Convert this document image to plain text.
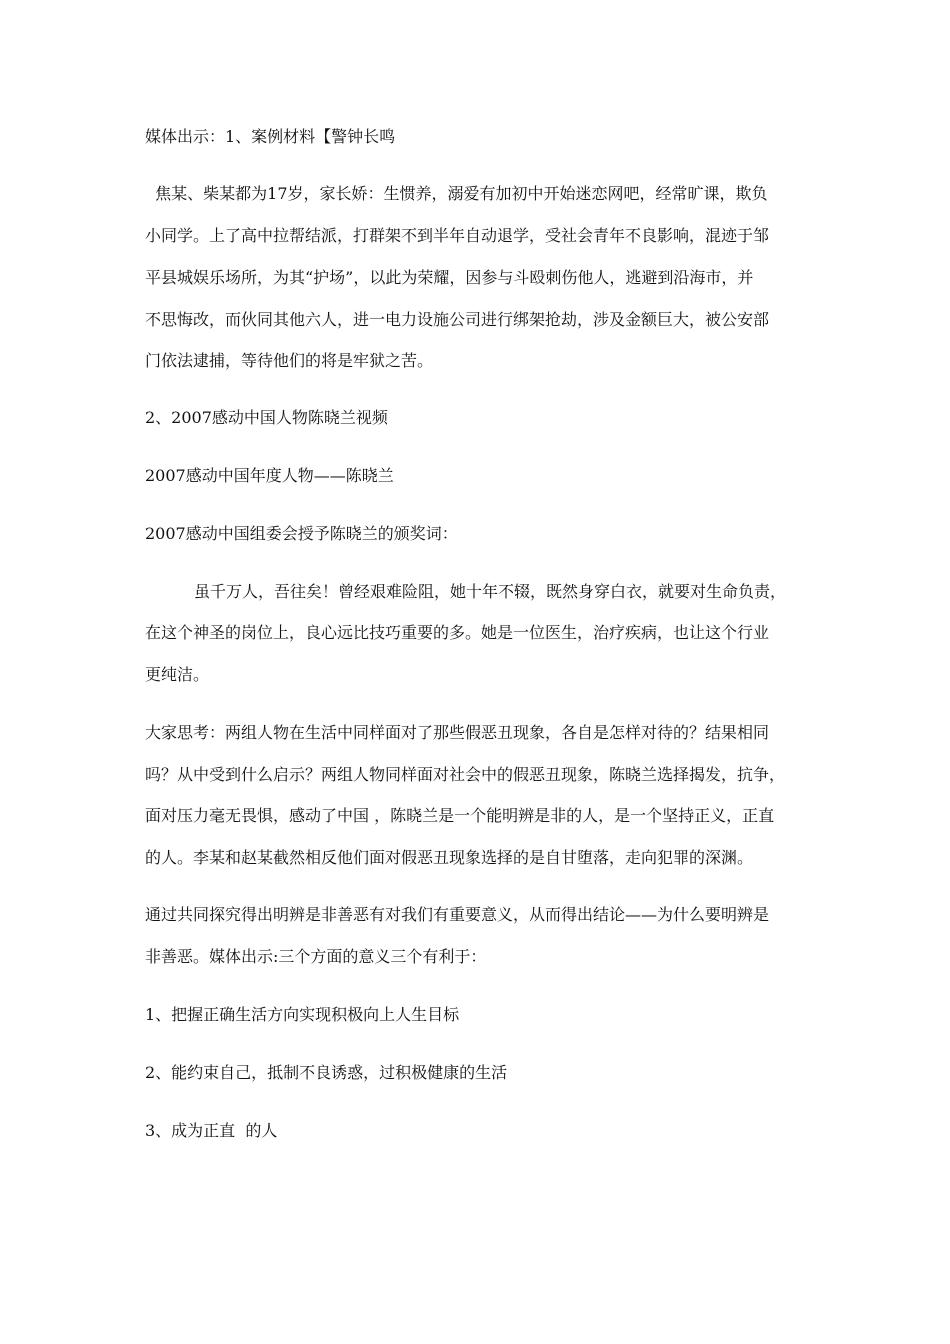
媒体出示：1、案例材料【警钟长鸣
焦某、柴某都为17岁，家长娇：生惯养，溺爱有加初中开始迷恋网吧，经常旷课，欺负
小同学。上了高中拉帮结派，打群架不到半年自动退学，受社会青年不良影响，混迹于邹
平县城娱乐场所，为其“护场”，以此为荣耀，因参与斗殴刺伤他人，逃避到沿海市，并
不思悔改，而伙同其他六人，进一电力设施公司进行绑架抢劫，涉及金额巨大，被公安部
门依法逮捕，等待他们的将是牢狱之苦。
2、2007感动中国人物陈晓兰视频
2007感动中国年度人物——陈晓兰
2007感动中国组委会授予陈晓兰的颁奖词：
虽千万人，吾往矣！曾经艰难险阻，她十年不辍，既然身穿白衣，就要对生命负责，
在这个神圣的岗位上，良心远比技巧重要的多。她是一位医生，治疗疾病，也让这个行业
更纯洁。
大家思考：两组人物在生活中同样面对了那些假恶丑现象，各自是怎样对待的？结果相同
吗？从中受到什么启示？两组人物同样面对社会中的假恶丑现象，陈晓兰选择揭发，抗争，
面对压力毫无畏惧，感动了中国 ，陈晓兰是一个能明辨是非的人，是一个坚持正义，正直
的人。李某和赵某截然相反他们面对假恶丑现象选择的是自甘堕落，走向犯罪的深渊。
通过共同探究得出明辨是非善恶有对我们有重要意义，从而得出结论——为什么要明辨是
非善恶。媒体出示:三个方面的意义三个有利于：
1、把握正确生活方向实现积极向上人生目标
2、能约束自己，抵制不良诱惑，过积极健康的生活
3、成为正直  的人
